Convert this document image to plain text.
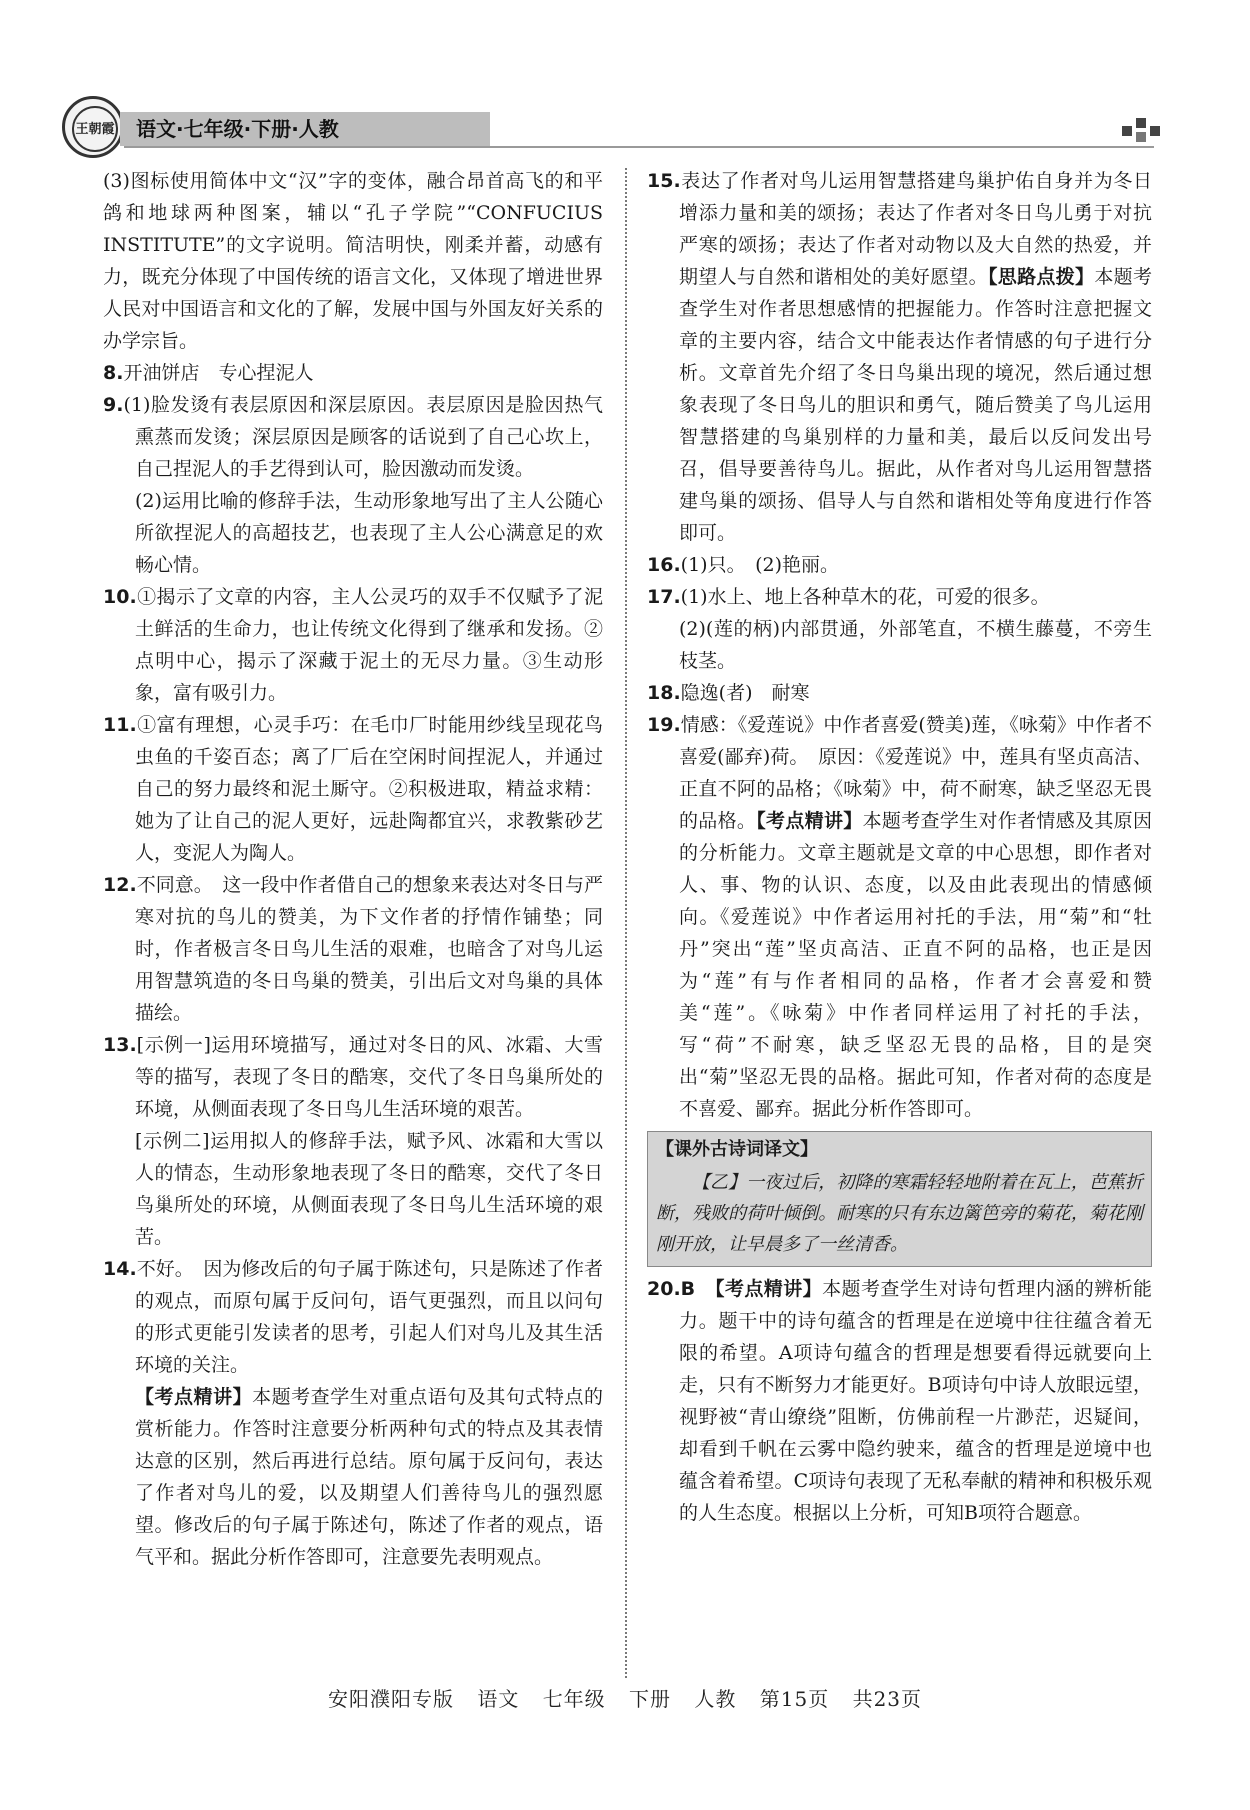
王朝霞	语文·七年级·下册·人教

(3)图标使用简体中文“汉”字的变体，融合昂首高飞的和平鸽和地球两种图案，辅以“孔子学院”“CONFUCIUS INSTITUTE”的文字说明。简洁明快，刚柔并蓄，动感有力，既充分体现了中国传统的语言文化，又体现了增进世界人民对中国语言和文化的了解，发展中国与外国友好关系的办学宗旨。

8.开油饼店　专心捏泥人

9.(1)脸发烫有表层原因和深层原因。表层原因是脸因热气熏蒸而发烫；深层原因是顾客的话说到了自己心坎上，自己捏泥人的手艺得到认可，脸因激动而发烫。

(2)运用比喻的修辞手法，生动形象地写出了主人公随心所欲捏泥人的高超技艺，也表现了主人公心满意足的欢畅心情。

10.①揭示了文章的内容，主人公灵巧的双手不仅赋予了泥土鲜活的生命力，也让传统文化得到了继承和发扬。②点明中心，揭示了深藏于泥土的无尽力量。③生动形象，富有吸引力。

11.①富有理想，心灵手巧：在毛巾厂时能用纱线呈现花鸟虫鱼的千姿百态；离了厂后在空闲时间捏泥人，并通过自己的努力最终和泥土厮守。②积极进取，精益求精：她为了让自己的泥人更好，远赴陶都宜兴，求教紫砂艺人，变泥人为陶人。

12.不同意。　这一段中作者借自己的想象来表达对冬日与严寒对抗的鸟儿的赞美，为下文作者的抒情作铺垫；同时，作者极言冬日鸟儿生活的艰难，也暗含了对鸟儿运用智慧筑造的冬日鸟巢的赞美，引出后文对鸟巢的具体描绘。

13.[示例一]运用环境描写，通过对冬日的风、冰霜、大雪等的描写，表现了冬日的酷寒，交代了冬日鸟巢所处的环境，从侧面表现了冬日鸟儿生活环境的艰苦。

[示例二]运用拟人的修辞手法，赋予风、冰霜和大雪以人的情态，生动形象地表现了冬日的酷寒，交代了冬日鸟巢所处的环境，从侧面表现了冬日鸟儿生活环境的艰苦。

14.不好。　因为修改后的句子属于陈述句，只是陈述了作者的观点，而原句属于反问句，语气更强烈，而且以问句的形式更能引发读者的思考，引起人们对鸟儿及其生活环境的关注。

【考点精讲】本题考查学生对重点语句及其句式特点的赏析能力。作答时注意要分析两种句式的特点及其表情达意的区别，然后再进行总结。原句属于反问句，表达了作者对鸟儿的爱，以及期望人们善待鸟儿的强烈愿望。修改后的句子属于陈述句，陈述了作者的观点，语气平和。据此分析作答即可，注意要先表明观点。

15.表达了作者对鸟儿运用智慧搭建鸟巢护佑自身并为冬日增添力量和美的颂扬；表达了作者对冬日鸟儿勇于对抗严寒的颂扬；表达了作者对动物以及大自然的热爱，并期望人与自然和谐相处的美好愿望。【思路点拨】本题考查学生对作者思想感情的把握能力。作答时注意把握文章的主要内容，结合文中能表达作者情感的句子进行分析。文章首先介绍了冬日鸟巢出现的境况，然后通过想象表现了冬日鸟儿的胆识和勇气，随后赞美了鸟儿运用智慧搭建的鸟巢别样的力量和美，最后以反问发出号召，倡导要善待鸟儿。据此，从作者对鸟儿运用智慧搭建鸟巢的颂扬、倡导人与自然和谐相处等角度进行作答即可。

16.(1)只。　(2)艳丽。

17.(1)水上、地上各种草木的花，可爱的很多。

(2)(莲的柄)内部贯通，外部笔直，不横生藤蔓，不旁生枝茎。

18.隐逸(者)　耐寒

19.情感：《爱莲说》中作者喜爱(赞美)莲，《咏菊》中作者不喜爱(鄙弃)荷。　原因：《爱莲说》中，莲具有坚贞高洁、正直不阿的品格；《咏菊》中，荷不耐寒，缺乏坚忍无畏的品格。【考点精讲】本题考查学生对作者情感及其原因的分析能力。文章主题就是文章的中心思想，即作者对人、事、物的认识、态度，以及由此表现出的情感倾向。《爱莲说》中作者运用衬托的手法，用“菊”和“牡丹”突出“莲”坚贞高洁、正直不阿的品格，也正是因为“莲”有与作者相同的品格，作者才会喜爱和赞美“莲”。《咏菊》中作者同样运用了衬托的手法，写“荷”不耐寒，缺乏坚忍无畏的品格，目的是突出“菊”坚忍无畏的品格。据此可知，作者对荷的态度是不喜爱、鄙弃。据此分析作答即可。

【课外古诗词译文】
【乙】一夜过后，初降的寒霜轻轻地附着在瓦上，芭蕉折断，残败的荷叶倾倒。耐寒的只有东边篱笆旁的菊花，菊花刚刚开放，让早晨多了一丝清香。

20.B　【考点精讲】本题考查学生对诗句哲理内涵的辨析能力。题干中的诗句蕴含的哲理是在逆境中往往蕴含着无限的希望。A项诗句蕴含的哲理是想要看得远就要向上走，只有不断努力才能更好。B项诗句中诗人放眼远望，视野被“青山缭绕”阻断，仿佛前程一片渺茫，迟疑间，却看到千帆在云雾中隐约驶来，蕴含的哲理是逆境中也蕴含着希望。C项诗句表现了无私奉献的精神和积极乐观的人生态度。根据以上分析，可知B项符合题意。

安阳濮阳专版 语文 七年级 下册 人教 第15页 共23页
